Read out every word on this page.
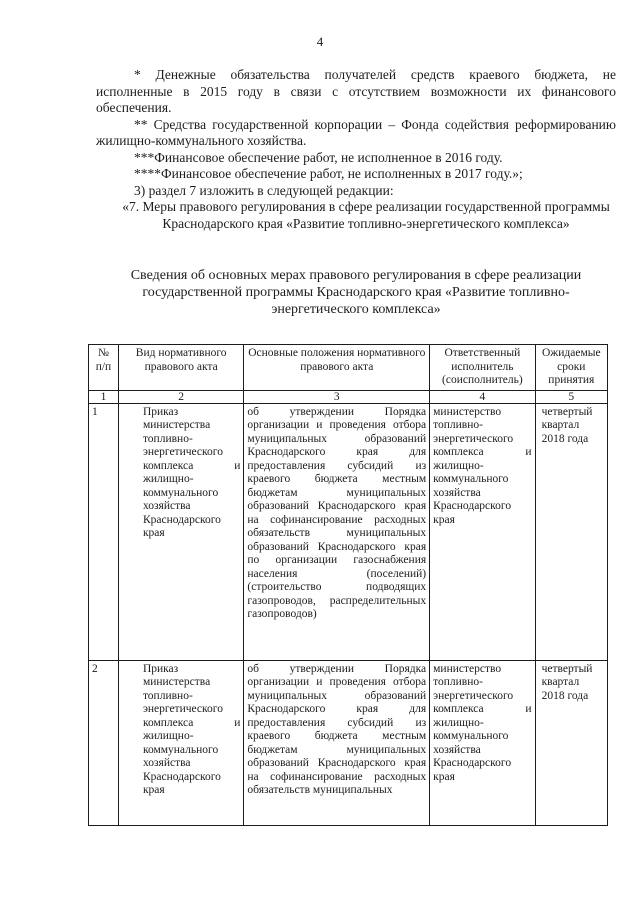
4

* Денежные обязательства получателей средств краевого бюджета, не исполненные в 2015 году в связи с отсутствием возможности их финансового обеспечения.

** Средства государственной корпорации – Фонда содействия реформированию жилищно-коммунального хозяйства.

***Финансовое обеспечение работ, не исполненное в 2016 году.

****Финансовое обеспечение работ, не исполненных в 2017 году.»;

3) раздел 7 изложить в следующей редакции:

«7. Меры правового регулирования в сфере реализации государственной программы Краснодарского края «Развитие топливно-энергетического комплекса»

Сведения об основных мерах правового регулирования в сфере реализации государственной программы Краснодарского края «Развитие топливно-энергетического комплекса»
№ п/п	Вид нормативного правового акта	Основные положения нормативного правового акта	Ответственный исполнитель (соисполнитель)	Ожидаемые сроки принятия
1	2	3	4	5
1	Приказ министерства топливно-энергетического комплекса и жилищно-коммунального хозяйства Краснодарского края	об утверждении Порядка организации и проведения отбора муниципальных образований Краснодарского края для предоставления субсидий из краевого бюджета местным бюджетам муниципальных образований Краснодарского края на софинансирование расходных обязательств муниципальных образований Краснодарского края по организации газоснабжения населения (поселений) (строительство подводящих газопроводов, распределительных газопроводов)	министерство топливно-энергетического комплекса и жилищно-коммунального хозяйства Краснодарского края	четвертый квартал 2018 года
2	Приказ министерства топливно-энергетического комплекса и жилищно-коммунального хозяйства Краснодарского края	об утверждении Порядка организации и проведения отбора муниципальных образований Краснодарского края для предоставления субсидий из краевого бюджета местным бюджетам муниципальных образований Краснодарского края на софинансирование расходных обязательств муниципальных	министерство топливно-энергетического комплекса и жилищно-коммунального хозяйства Краснодарского края	четвертый квартал 2018 года
